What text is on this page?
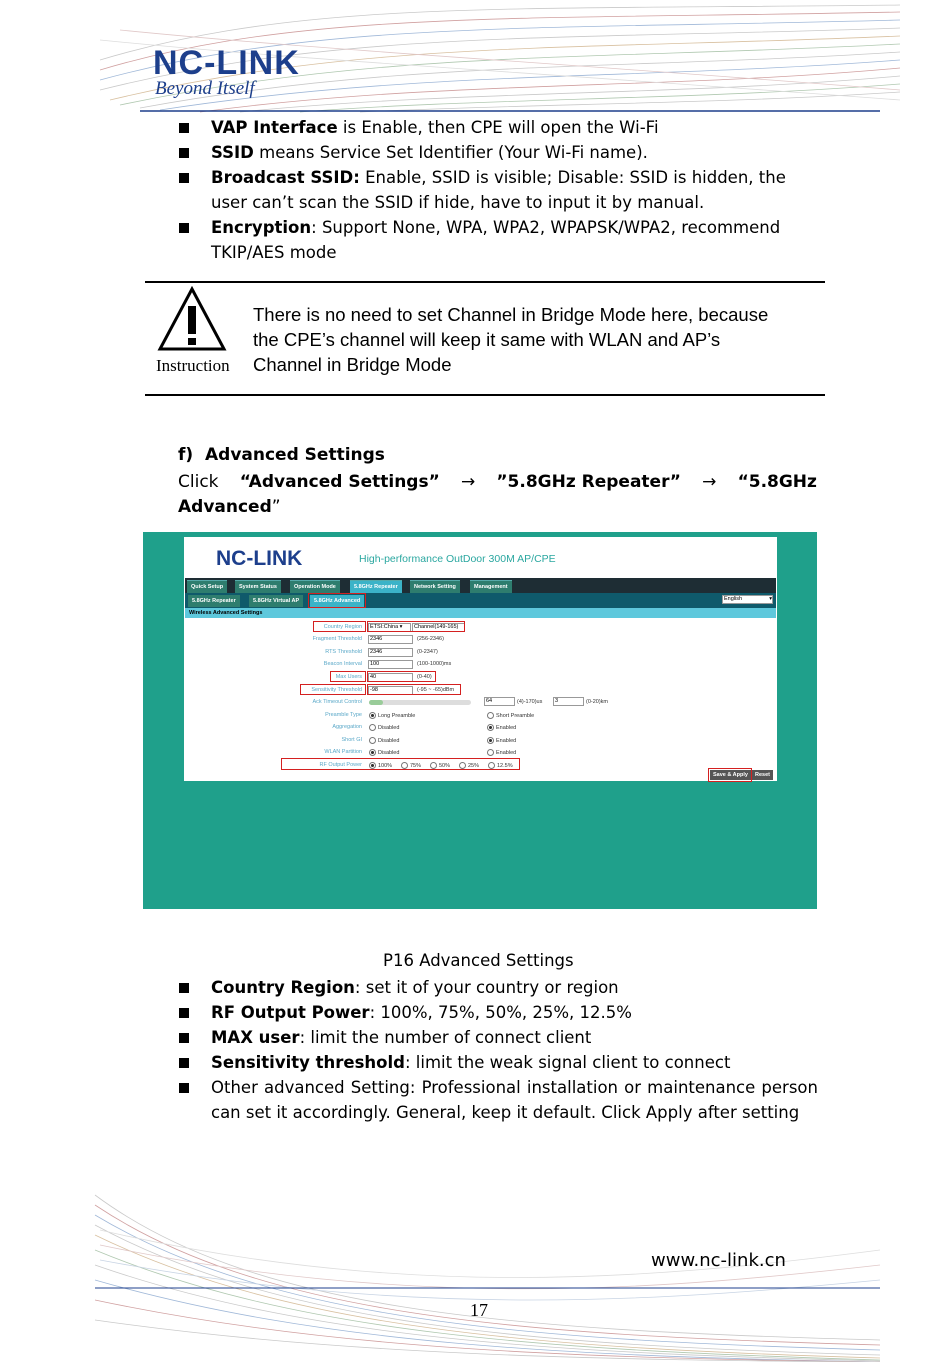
NC-LINK
Beyond Itself
VAP Interface is Enable, then CPE will open the Wi-Fi
SSID means Service Set Identifier (Your Wi-Fi name).
Broadcast SSID: Enable, SSID is visible; Disable: SSID is hidden, the user can’t scan the SSID if hide, have to input it by manual.
Encryption: Support None, WPA, WPA2, WPAPSK/WPA2, recommend TKIP/AES mode
Instruction
There is no need to set Channel in Bridge Mode here, because
the CPE’s channel will keep it same with WLAN and AP’s
Channel in Bridge Mode
f)  Advanced Settings
Click “Advanced Settings” → ”5.8GHz Repeater” → “5.8GHz
Advanced”
NC-LINK	High-performance OutDoor 300M AP/CPE
Quick Setup	System Status	Operation Mode	5.8GHz Repeater	Network Setting	Management
5.8GHz Repeater	5.8GHz Virtual AP	5.8GHz Advanced	English	▾
Wireless Advanced Settings
Country Region	ETSI:China ▾	Channel(149-165)
Fragment Threshold	2346	(256-2346)
RTS Threshold	2346	(0-2347)
Beacon Interval	100	(100-1000)ms
Max Users	40	(0-40)
Sensitivity Threshold	-98	(-95 ~ -65)dBm
Ack Timeout Control	64	(4)-170)us	3	(0-20)km
Preamble Type	Long Preamble	Short Preamble
Aggregation	Disabled	Enabled
Short GI	Disabled	Enabled
WLAN Partition	Disabled	Enabled
RF Output Power	100%	75%	50%	25%	12.5%
Save & Apply	Reset
P16 Advanced Settings
Country Region: set it of your country or region
RF Output Power: 100%, 75%, 50%, 25%, 12.5%
MAX user: limit the number of connect client
Sensitivity threshold: limit the weak signal client to connect
Other advanced Setting: Professional installation or maintenance person can set it accordingly. General, keep it default. Click Apply after setting
www.nc-link.cn
17
